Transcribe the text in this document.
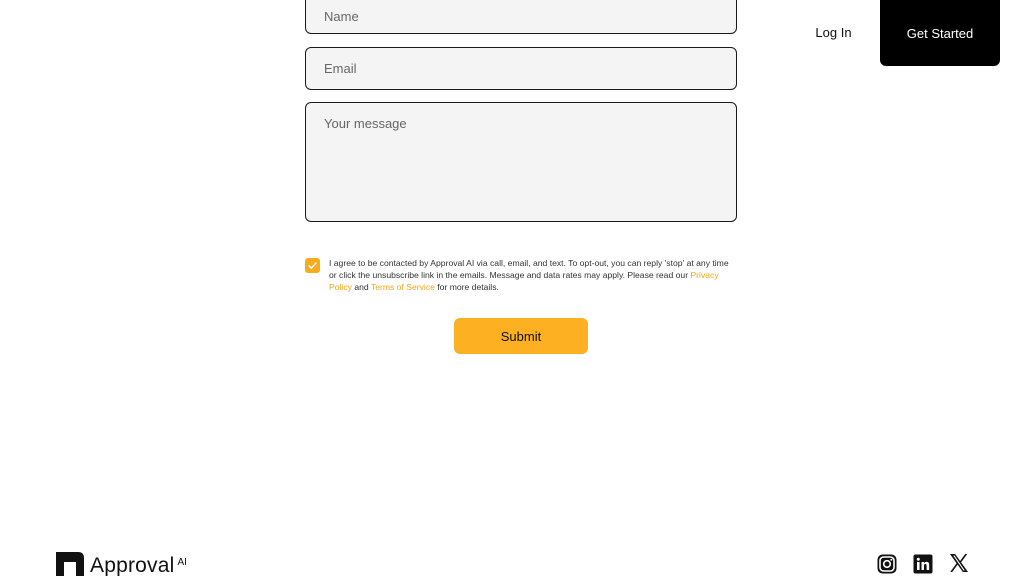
Log In	Get Started
Name
Email
Your message

I agree to be contacted by Approval AI via call, email, and text. To opt-out, you can reply 'stop' at any time or click the unsubscribe link in the emails. Message and data rates may apply. Please read our Privacy Policy and Terms of Service for more details.

Submit
Approval AI
